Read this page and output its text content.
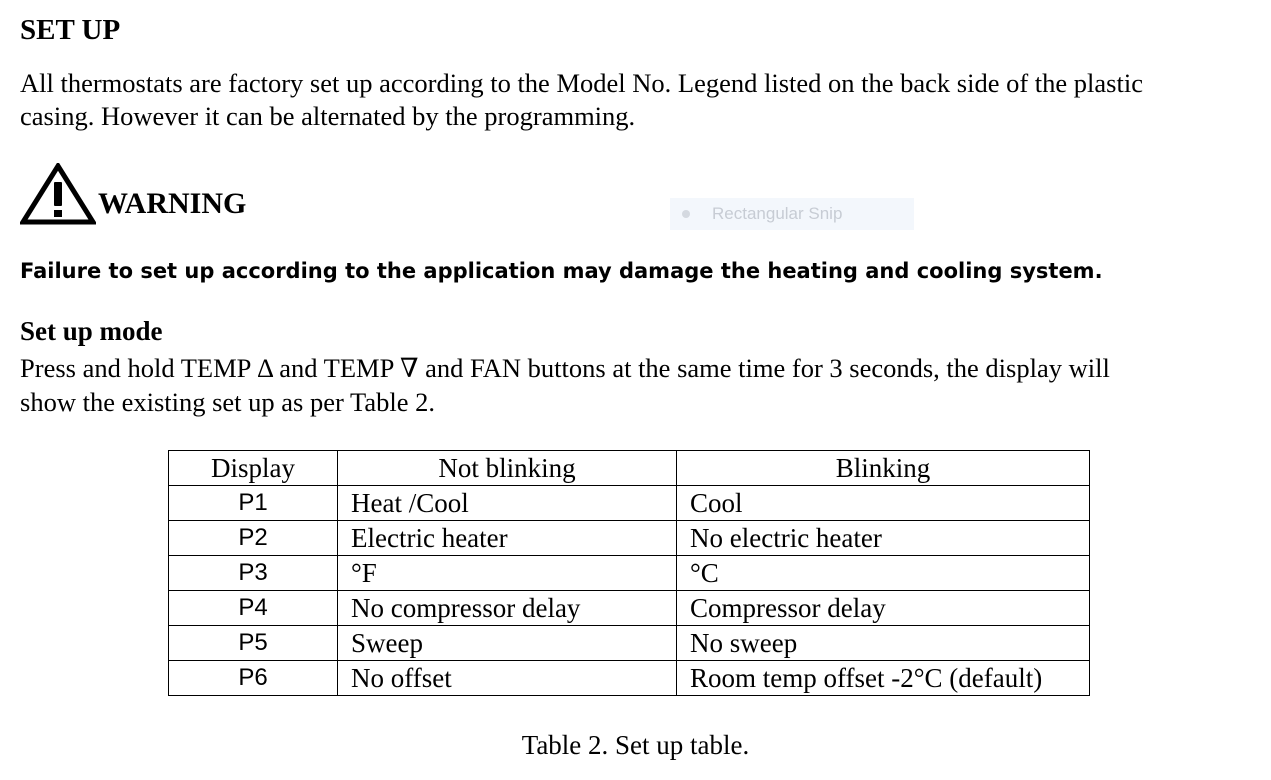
SET UP

All thermostats are factory set up according to the Model No. Legend listed on the back side of the plastic

casing. However it can be alternated by the programming.

WARNING	Rectangular Snip
Failure to set up according to the application may damage the heating and cooling system.
Set up mode

Press and hold TEMP Δ and TEMP ∇ and FAN buttons at the same time for 3 seconds, the display will

show the existing set up as per Table 2.

Display	Not blinking	Blinking
P1	Heat /Cool	Cool
P2	Electric heater	No electric heater
P3	°F	°C
P4	No compressor delay	Compressor delay
P5	Sweep	No sweep
P6	No offset	Room temp offset -2°C (default)
Table 2. Set up table.
